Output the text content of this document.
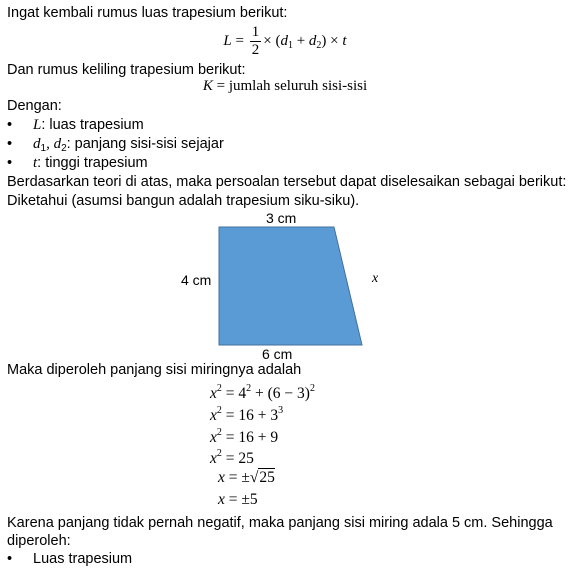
Ingat kembali rumus luas trapesium berikut:
$L = \frac{1}{2} \times (d_1 + d_2) \times t$
Dan rumus keliling trapesium berikut:
K = jumlah seluruh sisi-sisi
Dengan:
• L: luas trapesium
• $d_1$, $d_2$: panjang sisi-sisi sejajar
• t: tinggi trapesium
Berdasarkan teori di atas, maka persoalan tersebut dapat diselesaikan sebagai berikut:
Diketahui (asumsi bangun adalah trapesium siku-siku).
3 cm
4 cm	x
6 cm
Maka diperoleh panjang sisi miringnya adalah
$x^2 = 4^2 + (6 - 3)^2$
$x^2 = 16 + 3^3$
$x^2 = 16 + 9$
$x^2 = 25$
x = ±√25
x = ±5
Karena panjang tidak pernah negatif, maka panjang sisi miring adala 5 cm. Sehingga
diperoleh:
• Luas trapesium
